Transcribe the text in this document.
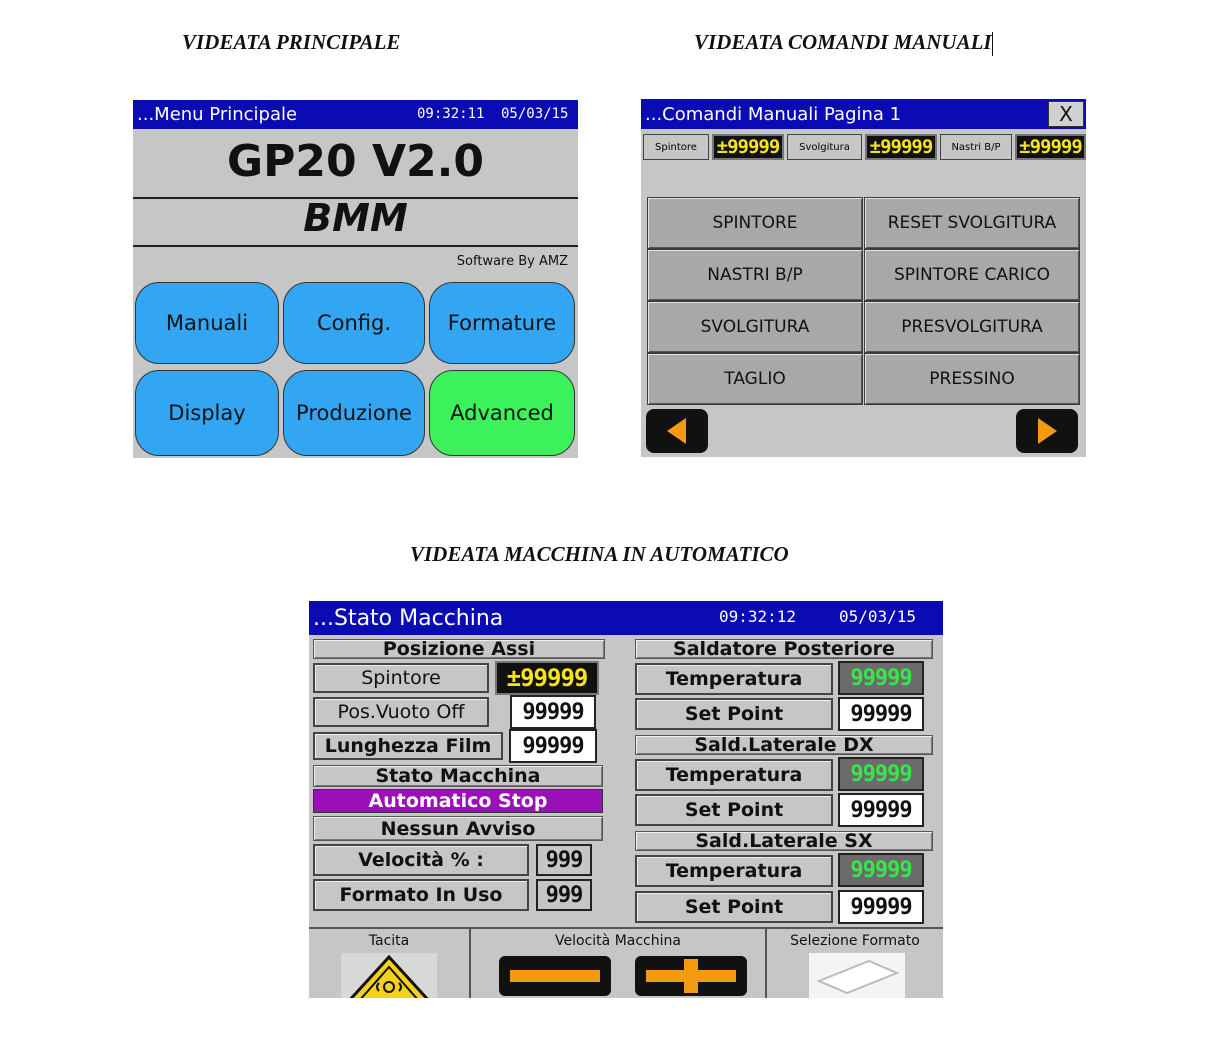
VIDEATA PRINCIPALE	VIDEATA COMANDI MANUALI
VIDEATA MACCHINA IN AUTOMATICO
...Menu Principale	09:32:11 05/03/15
GP20 V2.0
BMM
Software By AMZ
Manuali	Config.	Formature
Display	Produzione	Advanced
...Comandi Manuali Pagina 1	X
Spintore	±99999	Svolgitura	±99999	Nastri B/P ±99999
SPINTORE	RESET SVOLGITURA
NASTRI B/P	SPINTORE CARICO
SVOLGITURA	PRESVOLGITURA
TAGLIO	PRESSINO
...Stato Macchina	09:32:12	05/03/15
Posizione Assi
Spintore	±99999
Pos.Vuoto Off	99999
Lunghezza Film	99999
Stato Macchina
Automatico Stop
Nessun Avviso
Velocità % :	999
Formato In Uso	999
Saldatore Posteriore
Temperatura	99999
Set Point	99999
Sald.Laterale DX
Temperatura	99999
Set Point	99999
Sald.Laterale SX
Temperatura	99999
Set Point	99999
Tacita	Velocità Macchina	Selezione Formato
